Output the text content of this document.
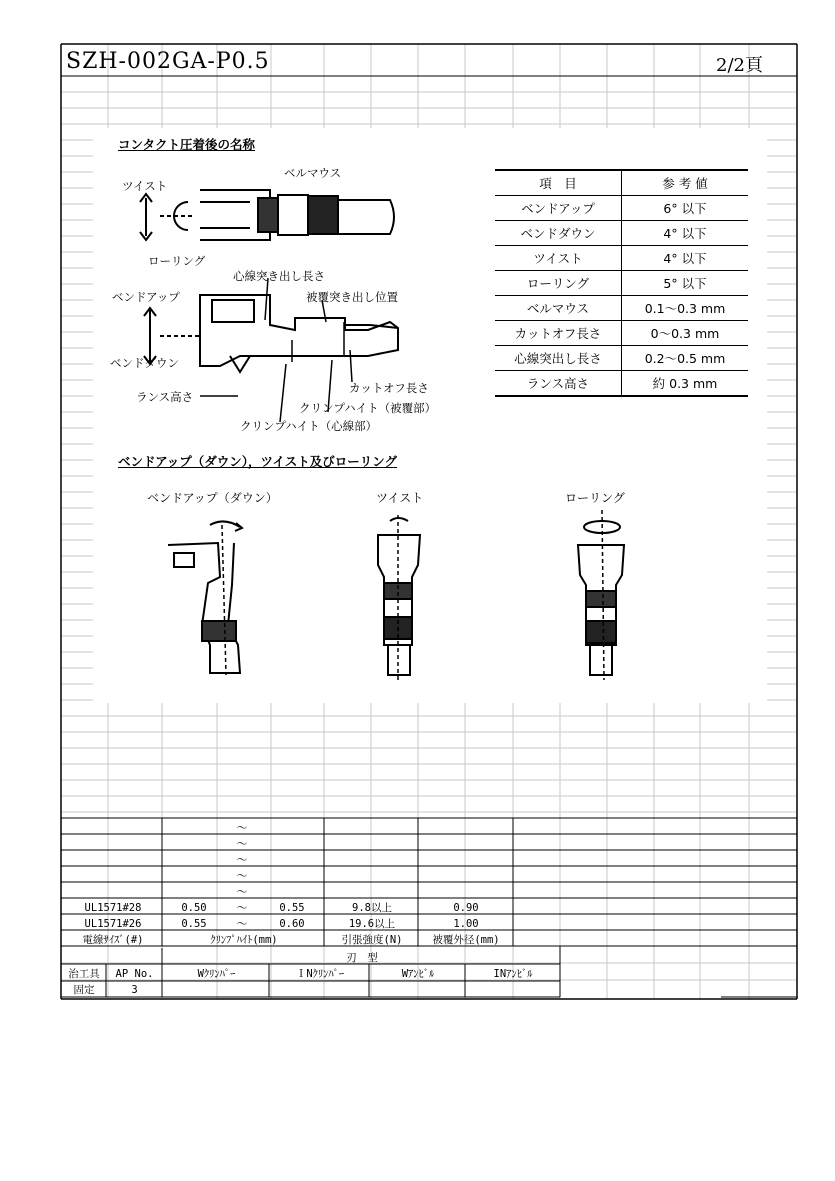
SZH-002GA-P0.5	2/2頁
コンタクト圧着後の名称
ツイスト
ベルマウス
ローリング
心線突き出し長さ
ベンドアップ	被覆突き出し位置
ベンドダウン
カットオフ長さ
ランス高さ
クリンプハイト（被覆部）
クリンプハイト（心線部）
項　目	参 考 値
ベンドアップ	6° 以下
ベンドダウン	4° 以下
ツイスト	4° 以下
ローリング	5° 以下
ベルマウス	0.1～0.3 mm
カットオフ長さ	0～0.3 mm
心線突出し長さ	0.2～0.5 mm
ランス高さ	約 0.3 mm
ベンドアップ（ダウン），ツイスト及びローリング
ベンドアップ（ダウン）	ツイスト	ローリング
～
～
～
～
～
UL1571#28	0.50	～	0.55	9.8以上	0.90
UL1571#26	0.55	～	0.60	19.6以上	1.00
電線ｻｲｽﾞ(#)	ｸﾘﾝﾌﾟﾊｲﾄ(mm)	引張強度(N)	被覆外径(mm)
刃　型
治工具	AP No.	Wｸﾘﾝﾊﾟｰ	ＩNｸﾘﾝﾊﾟｰ	Wｱﾝﾋﾞﾙ	INｱﾝﾋﾞﾙ
固定	3
